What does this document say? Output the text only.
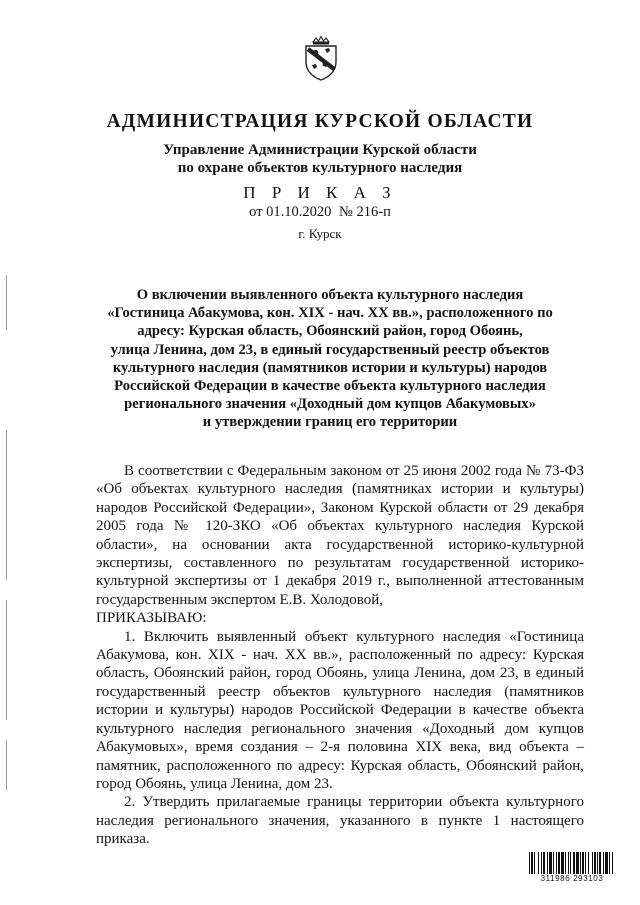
АДМИНИСТРАЦИЯ КУРСКОЙ ОБЛАСТИ
Управление Администрации Курской области
по охране объектов культурного наследия
П Р И К А З
от 01.10.2020 № 216-п
г. Курск
О включении выявленного объекта культурного наследия
«Гостиница Абакумова, кон. XIX - нач. XX вв.», расположенного по
адресу: Курская область, Обоянский район, город Обоянь,
улица Ленина, дом 23, в единый государственный реестр объектов
культурного наследия (памятников истории и культуры) народов
Российской Федерации в качестве объекта культурного наследия
регионального значения «Доходный дом купцов Абакумовых»
и утверждении границ его территории

В соответствии с Федеральным законом от 25 июня 2002 года № 73-ФЗ «Об объектах культурного наследия (памятниках истории и культуры) народов Российской Федерации», Законом Курской области от 29 декабря 2005 года № 120-ЗКО «Об объектах культурного наследия Курской области», на основании акта государственной историко-культурной экспертизы, составленного по результатам государственной историко-культурной экспертизы от 1 декабря 2019 г., выполненной аттестованным государственным экспертом Е.В. Холодовой,

ПРИКАЗЫВАЮ:

1. Включить выявленный объект культурного наследия «Гостиница Абакумова, кон. XIX - нач. XX вв.», расположенный по адресу: Курская область, Обоянский район, город Обоянь, улица Ленина, дом 23, в единый государственный реестр объектов культурного наследия (памятников истории и культуры) народов Российской Федерации в качестве объекта культурного наследия регионального значения «Доходный дом купцов Абакумовых», время создания – 2-я половина XIX века, вид объекта – памятник, расположенного по адресу: Курская область, Обоянский район, город Обоянь, улица Ленина, дом 23.

2. Утвердить прилагаемые границы территории объекта культурного наследия регионального значения, указанного в пункте 1 настоящего приказа.

311986 293103
